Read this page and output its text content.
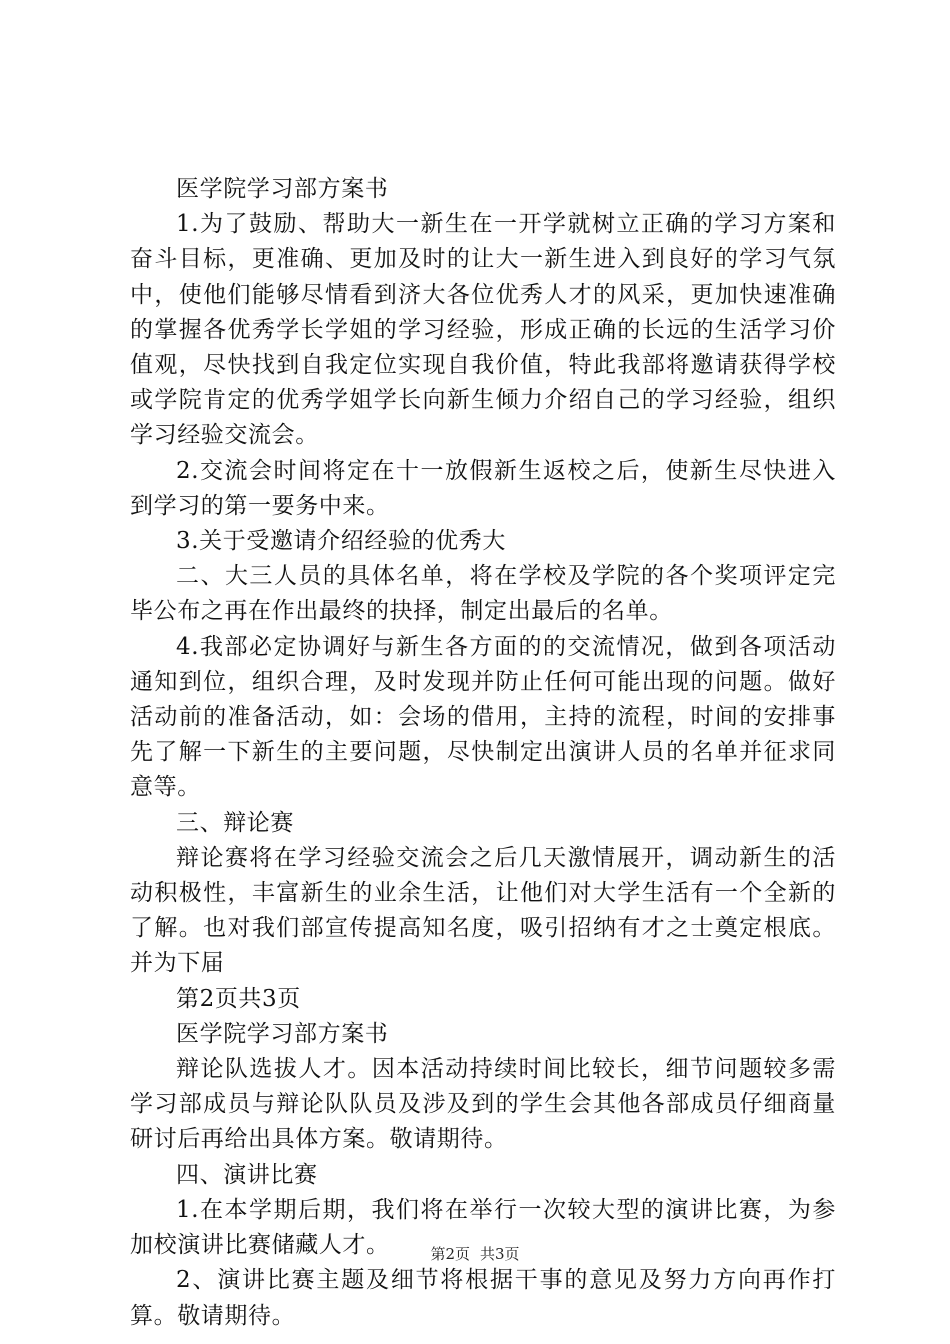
医学院学习部方案书

1.为了鼓励、帮助大一新生在一开学就树立正确的学习方案和奋斗目标，更准确、更加及时的让大一新生进入到良好的学习气氛中，使他们能够尽情看到济大各位优秀人才的风采，更加快速准确的掌握各优秀学长学姐的学习经验，形成正确的长远的生活学习价值观，尽快找到自我定位实现自我价值，特此我部将邀请获得学校或学院肯定的优秀学姐学长向新生倾力介绍自己的学习经验，组织学习经验交流会。

2.交流会时间将定在十一放假新生返校之后，使新生尽快进入到学习的第一要务中来。

3.关于受邀请介绍经验的优秀大

二、大三人员的具体名单，将在学校及学院的各个奖项评定完毕公布之再在作出最终的抉择，制定出最后的名单。

4.我部必定协调好与新生各方面的的交流情况，做到各项活动通知到位，组织合理，及时发现并防止任何可能出现的问题。做好活动前的准备活动，如：会场的借用，主持的流程，时间的安排事先了解一下新生的主要问题，尽快制定出演讲人员的名单并征求同意等。

三、辩论赛

辩论赛将在学习经验交流会之后几天激情展开，调动新生的活动积极性，丰富新生的业余生活，让他们对大学生活有一个全新的了解。也对我们部宣传提高知名度，吸引招纳有才之士奠定根底。并为下届

第2页共3页

医学院学习部方案书

辩论队选拔人才。因本活动持续时间比较长，细节问题较多需学习部成员与辩论队队员及涉及到的学生会其他各部成员仔细商量研讨后再给出具体方案。敬请期待。

四、演讲比赛

1.在本学期后期，我们将在举行一次较大型的演讲比赛，为参加校演讲比赛储藏人才。

2、演讲比赛主题及细节将根据干事的意见及努力方向再作打算。敬请期待。

第2页 共3页
